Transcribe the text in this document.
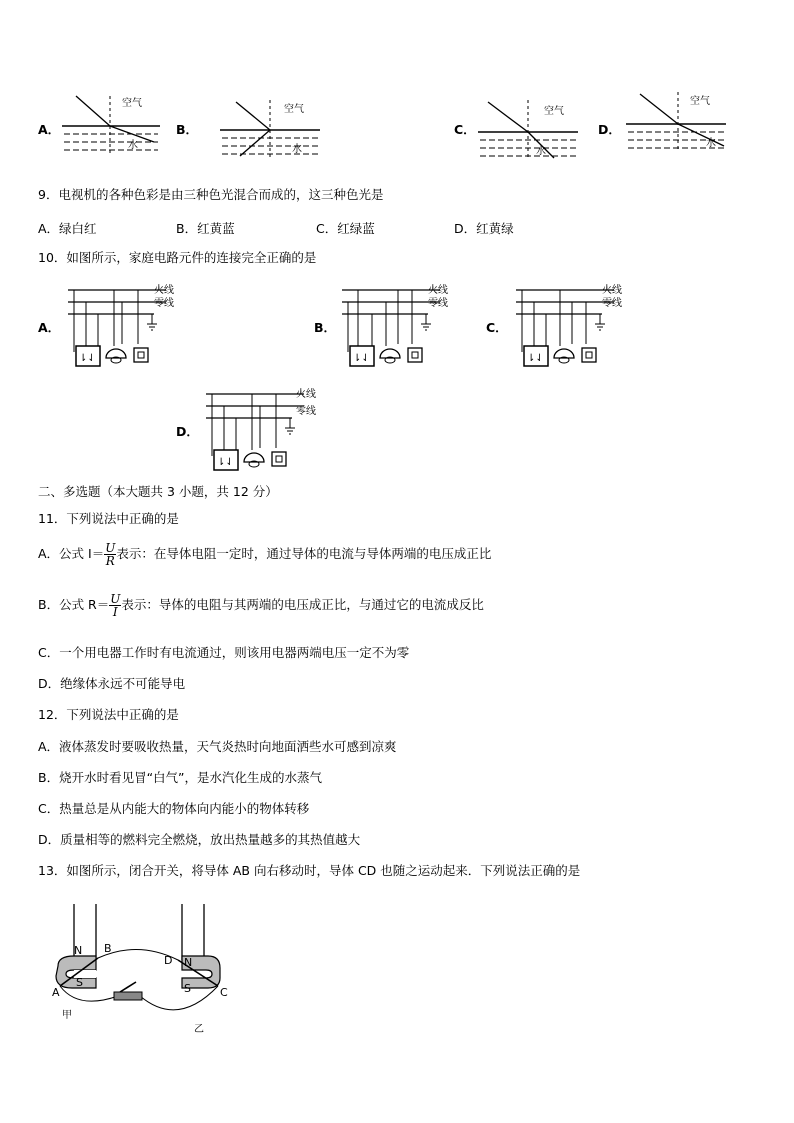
A．
空气
水
B．
空气
水
C．
空气
水
D．
空气
水
9．电视机的各种色彩是由三种色光混合而成的，这三种色光是
A．绿白红	B．红黄蓝	C．红绿蓝	D．红黄绿
10．如图所示，家庭电路元件的连接完全正确的是
A．
火线
零线
⇂⇃
B．
火线
零线
⇂⇃
C．
火线
零线
⇂⇃
D．
火线
零线
⇂⇃
二、多选题（本大题共 3 小题，共 12 分）
11．下列说法中正确的是
A．公式 $I= \frac{U}{R}$ 表示：在导体电阻一定时，通过导体的电流与导体两端的电压成正比
B．公式 $R= \frac{U}{I}$ 表示：导体的电阻与其两端的电压成正比，与通过它的电流成反比
C．一个用电器工作时有电流通过，则该用电器两端电压一定不为零
D．绝缘体永远不可能导电
12．下列说法中正确的是
A．液体蒸发时要吸收热量，天气炎热时向地面洒些水可感到凉爽
B．烧开水时看见冒“白气”，是水汽化生成的水蒸气
C．热量总是从内能大的物体向内能小的物体转移
D．质量相等的燃料完全燃烧，放出热量越多的其热值越大
13．如图所示，闭合开关，将导体 AB 向右移动时，导体 CD 也随之运动起来．下列说法正确的是
N B
A
S
D N
S	C
甲
乙
